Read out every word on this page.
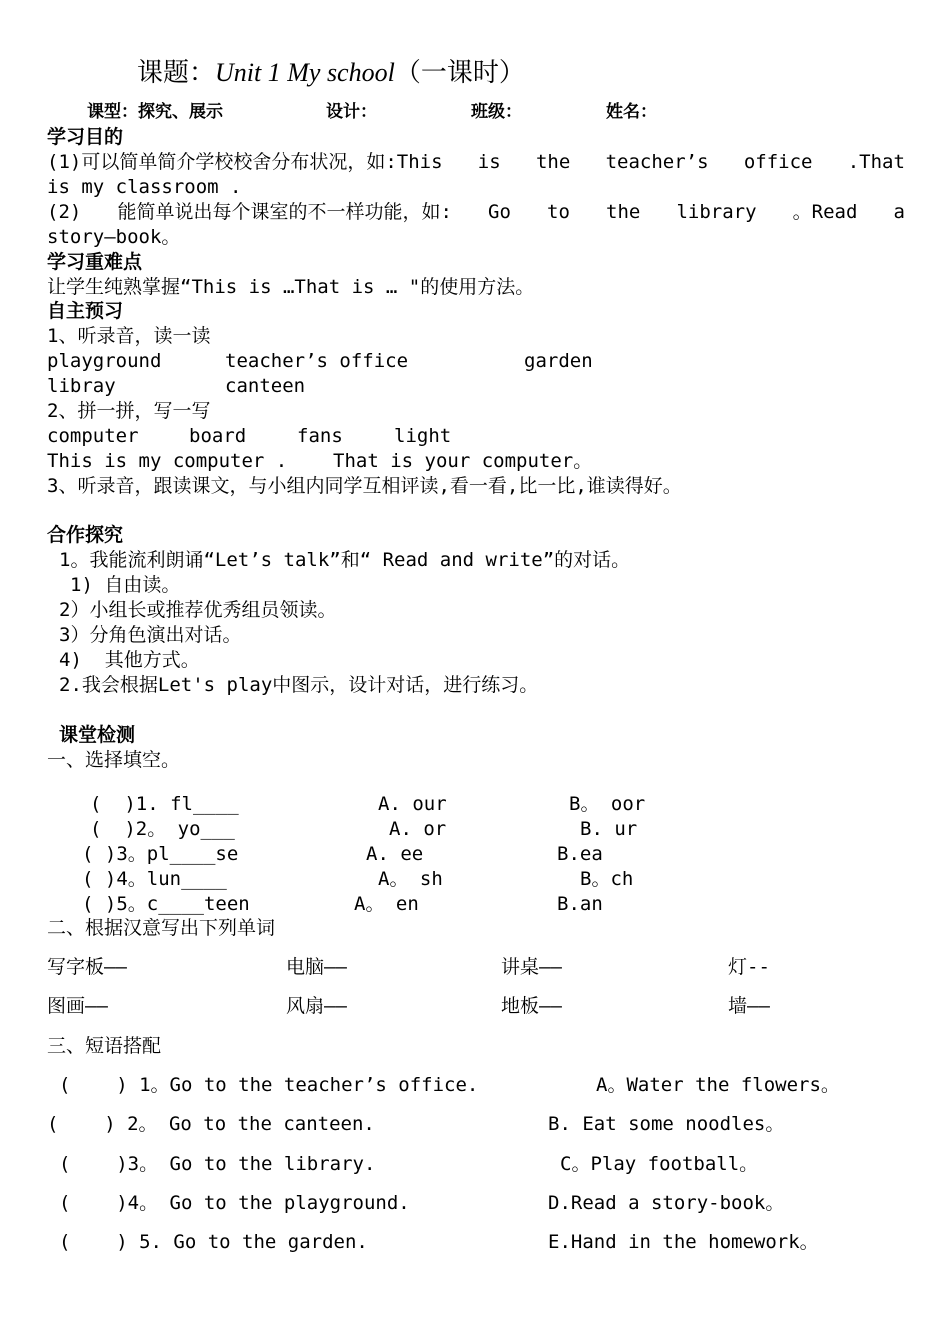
课题：Unit 1 My school（一课时）
课型：探究、展示	设计：	班级：	姓名：
学习目的
(1)可以简单简介学校校舍分布状况，如:This is the teacher’s office .That
is my classroom .
(2) 能简单说出每个课室的不一样功能，如: Go to the library 。Read a
story—book。
学习重难点
让学生纯熟掌握“This is …That is … "的使用方法。
自主预习
1、听录音，读一读
playground	teacher’s office	garden
libray	canteen
2、拼一拼，写一写
computer	board	fans	light
This is my computer . That is your computer。
3、听录音，跟读课文，与小组内同学互相评读,看一看,比一比,谁读得好。
合作探究
1。我能流利朗诵“Let’s talk”和“ Read and write”的对话。
1) 自由读。
2）小组长或推荐优秀组员领读。
3）分角色演出对话。
4)  其他方式。
2.我会根据Let's play中图示，设计对话，进行练习。
课堂检测
一、选择填空。
(  )1. fl____	A. our	B。 oor
(  )2。 yo___	A. or	B. ur
( )3。pl____se	A. ee	B.ea
( )4。lun____	A。 sh	B。ch
( )5。c____teen	A。 en	B.an
二、根据汉意写出下列单词
写字板——	电脑——	讲桌——	灯--
图画——	风扇——	地板——	墙——
三、短语搭配
(    ) 1。Go to the teacher’s office.	A。Water the flowers。
(    ) 2。 Go to the canteen.	B. Eat some noodles。
(    )3。 Go to the library.	C。Play football。
(    )4。 Go to the playground.	D.Read a story-book。
(    ) 5. Go to the garden.	E.Hand in the homework。
